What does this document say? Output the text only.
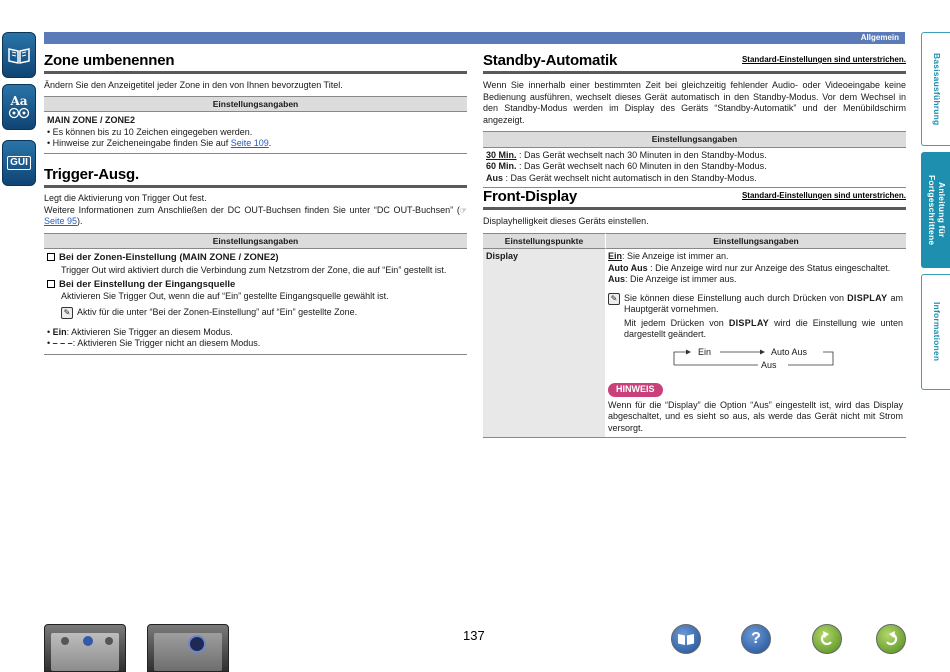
Allgemein
Aa
GUI
Basisausführung
Anleitung für Fortgeschrittene
Informationen
Zone umbenennen

Ändern Sie den Anzeigetitel jeder Zone in den von Ihnen bevorzugten Titel.

Einstellungsangaben
MAIN ZONE / ZONE2
• Es können bis zu 10 Zeichen eingegeben werden.
• Hinweise zur Zeicheneingabe finden Sie auf Seite 109.
Trigger-Ausg.

Legt die Aktivierung von Trigger Out fest.

Weitere Informationen zum Anschließen der DC OUT-Buchsen finden Sie unter “DC OUT-Buchsen” (☞Seite 95).

Einstellungsangaben
Bei der Zonen-Einstellung (MAIN ZONE / ZONE2)
Trigger Out wird aktiviert durch die Verbindung zum Netzstrom der Zone, die auf “Ein” gestellt ist.
Bei der Einstellung der Eingangsquelle
Aktivieren Sie Trigger Out, wenn die auf “Ein” gestellte Eingangsquelle gewählt ist.
✎ Aktiv für die unter “Bei der Zonen-Einstellung” auf “Ein” gestellte Zone.
• Ein: Aktivieren Sie Trigger an diesem Modus.
• – – –: Aktivieren Sie Trigger nicht an diesem Modus.
Standby-Automatik	Standard-Einstellungen sind unterstrichen.

Wenn Sie innerhalb einer bestimmten Zeit bei gleichzeitig fehlender Audio- oder Videoeingabe keine Bedienung ausführen, wechselt dieses Gerät automatisch in den Standby-Modus. Vor dem Wechsel in den Standby-Modus werden im Display des Geräts “Standby-Automatik” und der Menübildschirm angezeigt.

Einstellungsangaben
30 Min. : Das Gerät wechselt nach 30 Minuten in den Standby-Modus.
60 Min. : Das Gerät wechselt nach 60 Minuten in den Standby-Modus.
Aus : Das Gerät wechselt nicht automatisch in den Standby-Modus.
Front-Display	Standard-Einstellungen sind unterstrichen.

Displayhelligkeit dieses Geräts einstellen.

Einstellungspunkte	Einstellungsangaben
Display	Ein: Sie Anzeige ist immer an.
Auto Aus : Die Anzeige wird nur zur Anzeige des Status eingeschaltet.
Aus: Die Anzeige ist immer aus.
✎ Sie können diese Einstellung auch durch Drücken von DISPLAY am Hauptgerät vornehmen.
Mit jedem Drücken von DISPLAY wird die Einstellung wie unten dargestellt geändert.
Ein	Auto Aus
Aus
HINWEIS
Wenn für die “Display” die Option “Aus” eingestellt ist, wird das Display abgeschaltet, und es sieht so aus, als werde das Gerät nicht mit Strom versorgt.
137	?
